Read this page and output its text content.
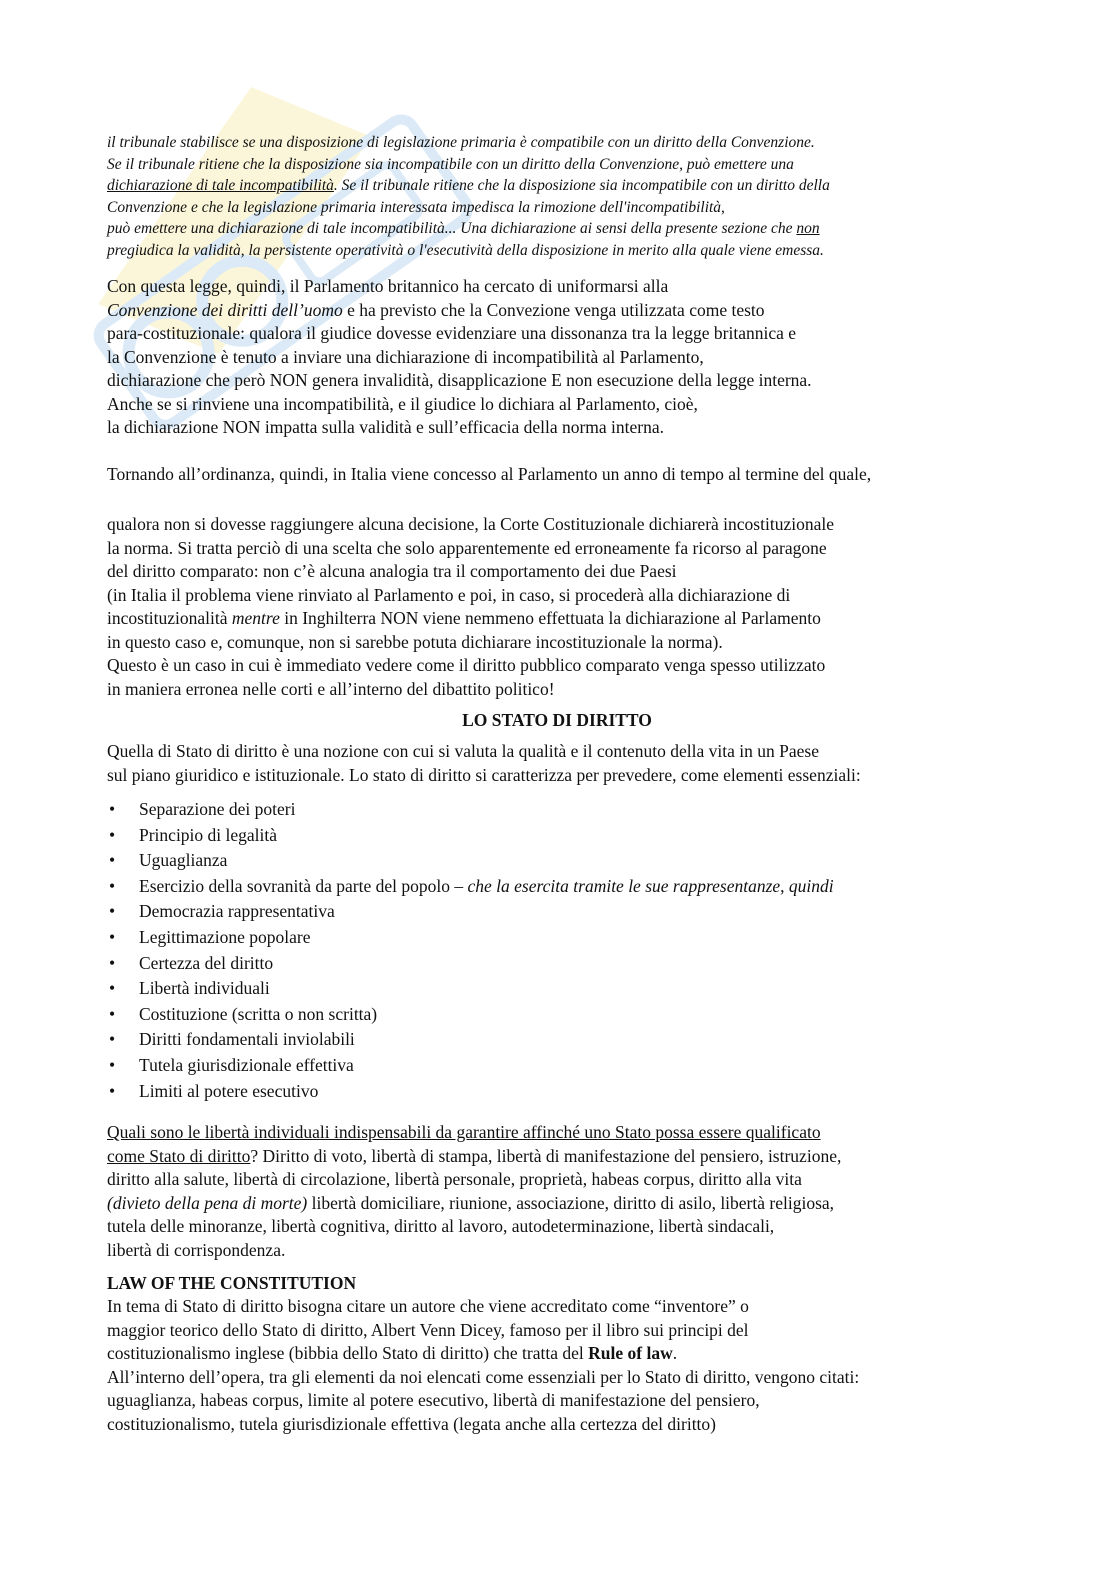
il tribunale stabilisce se una disposizione di legislazione primaria è compatibile con un diritto della Convenzione.
Se il tribunale ritiene che la disposizione sia incompatibile con un diritto della Convenzione, può emettere una
dichiarazione di tale incompatibilità. Se il tribunale ritiene che la disposizione sia incompatibile con un diritto della
Convenzione e che la legislazione primaria interessata impedisca la rimozione dell'incompatibilità,
può emettere una dichiarazione di tale incompatibilità... Una dichiarazione ai sensi della presente sezione che non
pregiudica la validità, la persistente operatività o l'esecutività della disposizione in merito alla quale viene emessa.
Con questa legge, quindi, il Parlamento britannico ha cercato di uniformarsi alla
Convenzione dei diritti dell’uomo e ha previsto che la Convezione venga utilizzata come testo
para-costituzionale: qualora il giudice dovesse evidenziare una dissonanza tra la legge britannica e
la Convenzione è tenuto a inviare una dichiarazione di incompatibilità al Parlamento,
dichiarazione che però NON genera invalidità, disapplicazione E non esecuzione della legge interna.
Anche se si rinviene una incompatibilità, e il giudice lo dichiara al Parlamento, cioè,
la dichiarazione NON impatta sulla validità e sull’efficacia della norma interna.
Tornando all’ordinanza, quindi, in Italia viene concesso al Parlamento un anno di tempo al termine del quale,
qualora non si dovesse raggiungere alcuna decisione, la Corte Costituzionale dichiarerà incostituzionale
la norma. Si tratta perciò di una scelta che solo apparentemente ed erroneamente fa ricorso al paragone
del diritto comparato: non c’è alcuna analogia tra il comportamento dei due Paesi
(in Italia il problema viene rinviato al Parlamento e poi, in caso, si procederà alla dichiarazione di
incostituzionalità mentre in Inghilterra NON viene nemmeno effettuata la dichiarazione al Parlamento
in questo caso e, comunque, non si sarebbe potuta dichiarare incostituzionale la norma).
Questo è un caso in cui è immediato vedere come il diritto pubblico comparato venga spesso utilizzato
in maniera erronea nelle corti e all’interno del dibattito politico!
LO STATO DI DIRITTO
Quella di Stato di diritto è una nozione con cui si valuta la qualità e il contenuto della vita in un Paese
sul piano giuridico e istituzionale. Lo stato di diritto si caratterizza per prevedere, come elementi essenziali:
• Separazione dei poteri
• Principio di legalità
• Uguaglianza
• Esercizio della sovranità da parte del popolo – che la esercita tramite le sue rappresentanze, quindi
• Democrazia rappresentativa
• Legittimazione popolare
• Certezza del diritto
• Libertà individuali
• Costituzione (scritta o non scritta)
• Diritti fondamentali inviolabili
• Tutela giurisdizionale effettiva
• Limiti al potere esecutivo
Quali sono le libertà individuali indispensabili da garantire affinché uno Stato possa essere qualificato
come Stato di diritto? Diritto di voto, libertà di stampa, libertà di manifestazione del pensiero, istruzione,
diritto alla salute, libertà di circolazione, libertà personale, proprietà, habeas corpus, diritto alla vita
(divieto della pena di morte) libertà domiciliare, riunione, associazione, diritto di asilo, libertà religiosa,
tutela delle minoranze, libertà cognitiva, diritto al lavoro, autodeterminazione, libertà sindacali,
libertà di corrispondenza.
LAW OF THE CONSTITUTION
In tema di Stato di diritto bisogna citare un autore che viene accreditato come “inventore” o
maggior teorico dello Stato di diritto, Albert Venn Dicey, famoso per il libro sui principi del
costituzionalismo inglese (bibbia dello Stato di diritto) che tratta del Rule of law.
All’interno dell’opera, tra gli elementi da noi elencati come essenziali per lo Stato di diritto, vengono citati:
uguaglianza, habeas corpus, limite al potere esecutivo, libertà di manifestazione del pensiero,
costituzionalismo, tutela giurisdizionale effettiva (legata anche alla certezza del diritto)
